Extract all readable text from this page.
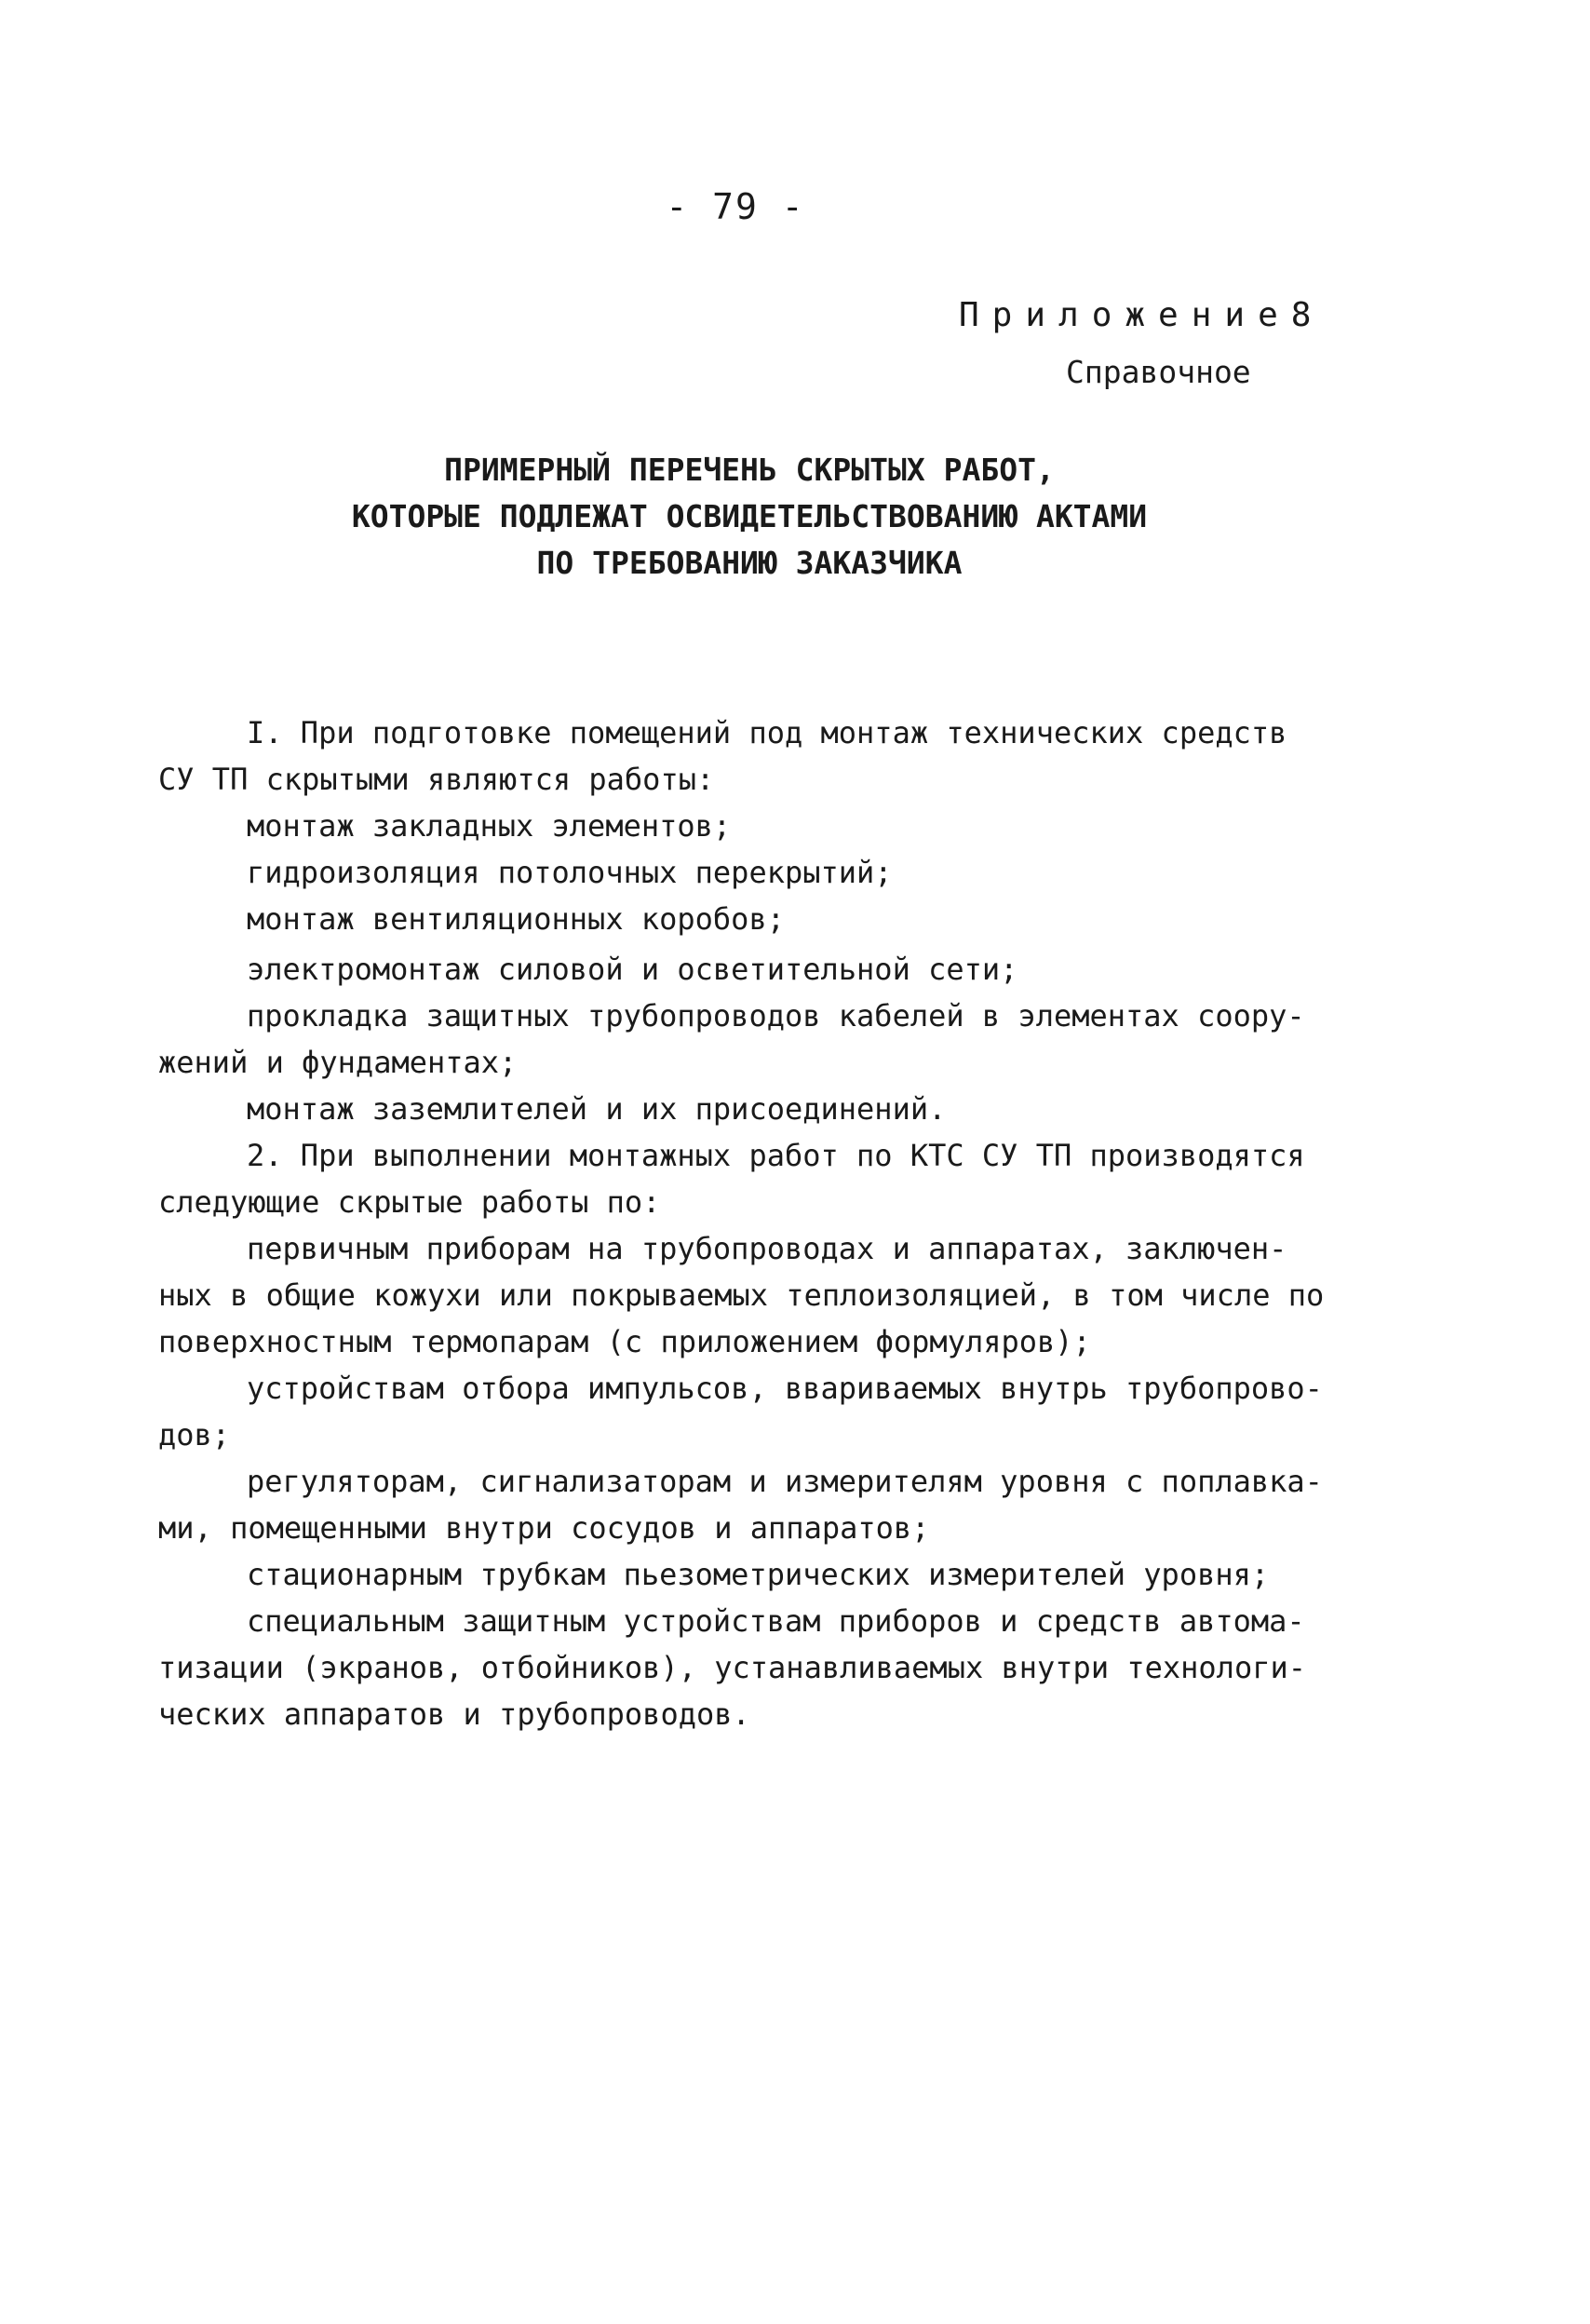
- 79 -
Приложение8
Справочное
ПРИМЕРНЫЙ ПЕРЕЧЕНЬ СКРЫТЫХ РАБОТ,
КОТОРЫЕ ПОДЛЕЖАТ ОСВИДЕТЕЛЬСТВОВАНИЮ АКТАМИ
ПО ТРЕБОВАНИЮ ЗАКАЗЧИКА
I. При подготовке помещений под монтаж технических средств
СУ ТП скрытыми являются работы:
монтаж закладных элементов;
гидроизоляция потолочных перекрытий;
монтаж вентиляционных коробов;
электромонтаж силовой и осветительной сети;
прокладка защитных трубопроводов кабелей в элементах соору-
жений и фундаментах;
монтаж заземлителей и их присоединений.
2. При выполнении монтажных работ по КТС СУ ТП производятся
следующие скрытые работы по:
первичным приборам на трубопроводах и аппаратах, заключен-
ных в общие кожухи или покрываемых теплоизоляцией, в том числе по
поверхностным термопарам (с приложением формуляров);
устройствам отбора импульсов, ввариваемых внутрь трубопрово-
дов;
регуляторам, сигнализаторам и измерителям уровня с поплавка-
ми, помещенными внутри сосудов и аппаратов;
стационарным трубкам пьезометрических измерителей уровня;
специальным защитным устройствам приборов и средств автома-
тизации (экранов, отбойников), устанавливаемых внутри технологи-
ческих аппаратов и трубопроводов.
